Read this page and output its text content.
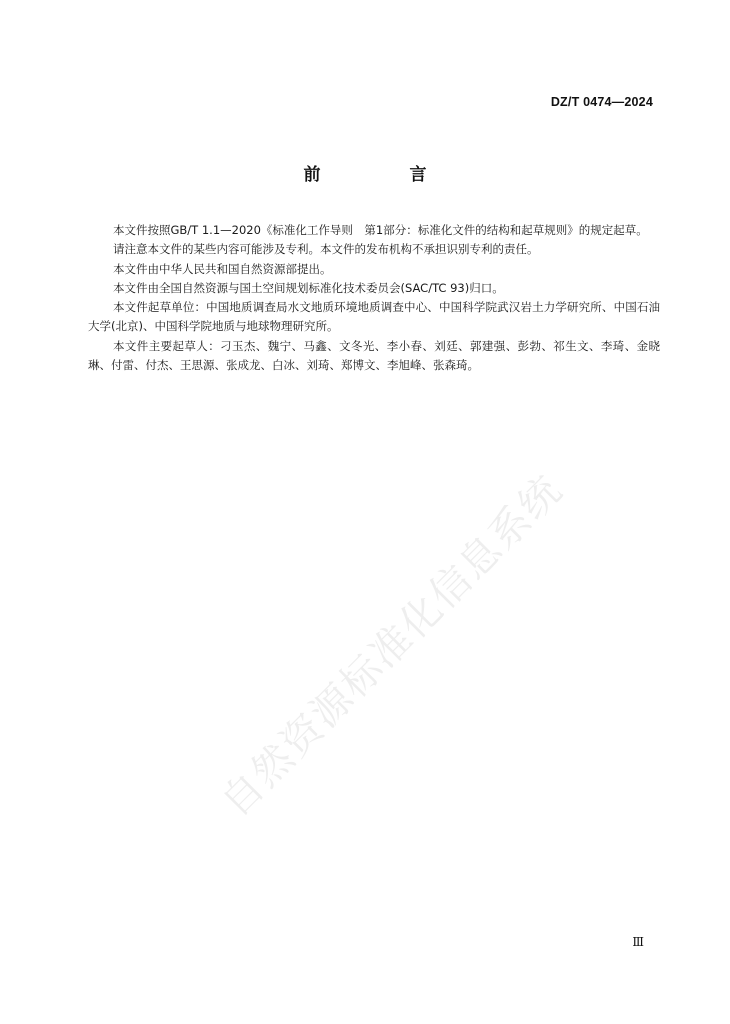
DZ/T 0474—2024
前　言

本文件按照GB/T 1.1—2020《标准化工作导则　第1部分：标准化文件的结构和起草规则》的规定起草。

请注意本文件的某些内容可能涉及专利。本文件的发布机构不承担识别专利的责任。

本文件由中华人民共和国自然资源部提出。

本文件由全国自然资源与国土空间规划标准化技术委员会(SAC/TC 93)归口。

本文件起草单位：中国地质调查局水文地质环境地质调查中心、中国科学院武汉岩土力学研究所、中国石油大学(北京)、中国科学院地质与地球物理研究所。

本文件主要起草人：刁玉杰、魏宁、马鑫、文冬光、李小春、刘廷、郭建强、彭勃、祁生文、李琦、金晓琳、付雷、付杰、王思源、张成龙、白冰、刘琦、郑博文、李旭峰、张森琦。

自然资源标准化信息系统
Ⅲ
